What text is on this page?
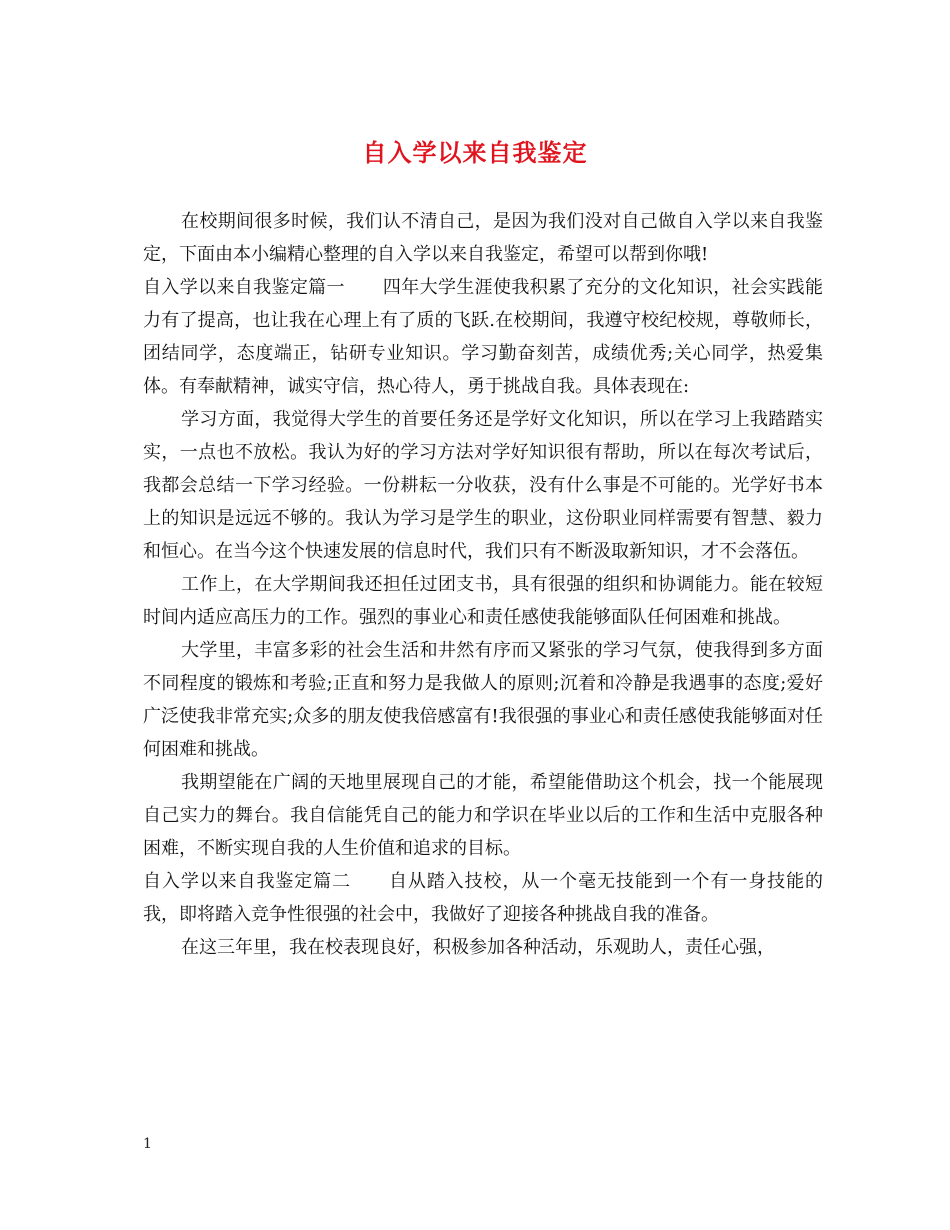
自入学以来自我鉴定

在校期间很多时候，我们认不清自己，是因为我们没对自己做自入学以来自我鉴定，下面由本小编精心整理的自入学以来自我鉴定，希望可以帮到你哦!

自入学以来自我鉴定篇一 四年大学生涯使我积累了充分的文化知识，社会实践能力有了提高，也让我在心理上有了质的飞跃.在校期间，我遵守校纪校规，尊敬师长，团结同学，态度端正，钻研专业知识。学习勤奋刻苦，成绩优秀;关心同学，热爱集体。有奉献精神，诚实守信，热心待人，勇于挑战自我。具体表现在:

学习方面，我觉得大学生的首要任务还是学好文化知识，所以在学习上我踏踏实实，一点也不放松。我认为好的学习方法对学好知识很有帮助，所以在每次考试后，我都会总结一下学习经验。一份耕耘一分收获，没有什么事是不可能的。光学好书本上的知识是远远不够的。我认为学习是学生的职业，这份职业同样需要有智慧、毅力和恒心。在当今这个快速发展的信息时代，我们只有不断汲取新知识，才不会落伍。

工作上，在大学期间我还担任过团支书，具有很强的组织和协调能力。能在较短时间内适应高压力的工作。强烈的事业心和责任感使我能够面队任何困难和挑战。

大学里，丰富多彩的社会生活和井然有序而又紧张的学习气氛，使我得到多方面不同程度的锻炼和考验;正直和努力是我做人的原则;沉着和冷静是我遇事的态度;爱好广泛使我非常充实;众多的朋友使我倍感富有!我很强的事业心和责任感使我能够面对任何困难和挑战。

我期望能在广阔的天地里展现自己的才能，希望能借助这个机会，找一个能展现自己实力的舞台。我自信能凭自己的能力和学识在毕业以后的工作和生活中克服各种困难，不断实现自我的人生价值和追求的目标。

自入学以来自我鉴定篇二 自从踏入技校，从一个毫无技能到一个有一身技能的我，即将踏入竞争性很强的社会中，我做好了迎接各种挑战自我的准备。

在这三年里，我在校表现良好，积极参加各种活动，乐观助人，责任心强，

1
